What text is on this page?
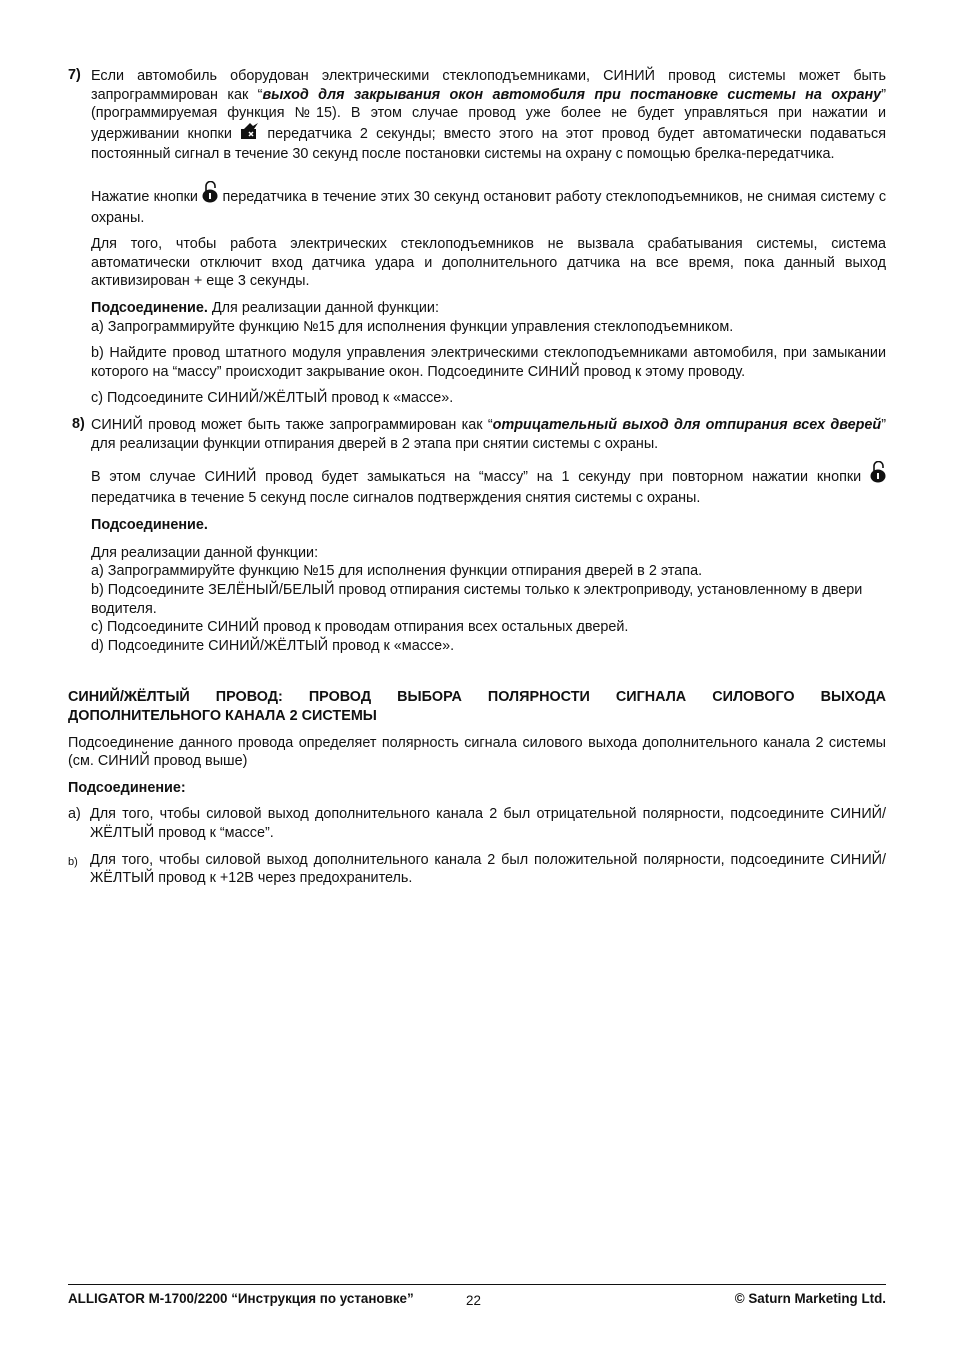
7) Если автомобиль оборудован электрическими стеклоподъемниками, СИНИЙ провод системы может быть запрограммирован как “выход для закрывания окон автомобиля при постановке системы на охрану” (программируемая функция №15). В этом случае провод уже более не будет управляться при нажатии и удерживании кнопки передатчика 2 секунды; вместо этого на этот провод будет автоматически подаваться постоянный сигнал в течение 30 секунд после постановки системы на охрану с помощью брелка-передатчика.

Нажатие кнопки передатчика в течение этих 30 секунд остановит работу стеклоподъемников, не снимая систему с охраны.

Для того, чтобы работа электрических стеклоподъемников не вызвала срабатывания системы, система автоматически отключит вход датчика удара и дополнительного датчика на все время, пока данный выход активизирован + еще 3 секунды.

Подсоединение. Для реализации данной функции:

a) Запрограммируйте функцию №15 для исполнения функции управления стеклоподъемником.

b) Найдите провод штатного модуля управления электрическими стеклоподъемниками автомобиля, при замыкании которого на “массу” происходит закрывание окон. Подсоедините СИНИЙ провод к этому проводу.

c) Подсоедините СИНИЙ/ЖЁЛТЫЙ провод к «массе».

8) СИНИЙ провод может быть также запрограммирован как “отрицательный выход для отпирания всех дверей” для реализации функции отпирания дверей в 2 этапа при снятии системы с охраны.

В этом случае СИНИЙ провод будет замыкаться на “массу” на 1 секунду при повторном нажатии кнопки  передатчика в течение 5 секунд после сигналов подтверждения снятия системы с охраны.

Подсоединение.

Для реализации данной функции:

a) Запрограммируйте функцию №15 для исполнения функции отпирания дверей в 2 этапа.

b) Подсоедините ЗЕЛЁНЫЙ/БЕЛЫЙ провод отпирания системы только к электроприводу, установленному в двери водителя.

c) Подсоедините СИНИЙ провод к проводам отпирания всех остальных дверей.

d) Подсоедините СИНИЙ/ЖЁЛТЫЙ провод к «массе».

СИНИЙ/ЖЁЛТЫЙ ПРОВОД: ПРОВОД ВЫБОРА ПОЛЯРНОСТИ СИГНАЛА СИЛОВОГО ВЫХОДА ДОПОЛНИТЕЛЬНОГО КАНАЛА 2 СИСТЕМЫ

Подсоединение данного провода определяет полярность сигнала силового выхода дополнительного канала 2 системы (см. СИНИЙ провод выше)

Подсоединение:

a) Для того, чтобы силовой выход дополнительного канала 2 был отрицательной полярности, подсоедините СИНИЙ/ЖЁЛТЫЙ провод к “массе”.
b) Для того, чтобы силовой выход дополнительного канала 2 был положительной полярности, подсоедините СИНИЙ/ЖЁЛТЫЙ провод к +12В через предохранитель.
ALLIGATOR M-1700/2200 “Инструкция по установке”	22	© Saturn Marketing Ltd.
